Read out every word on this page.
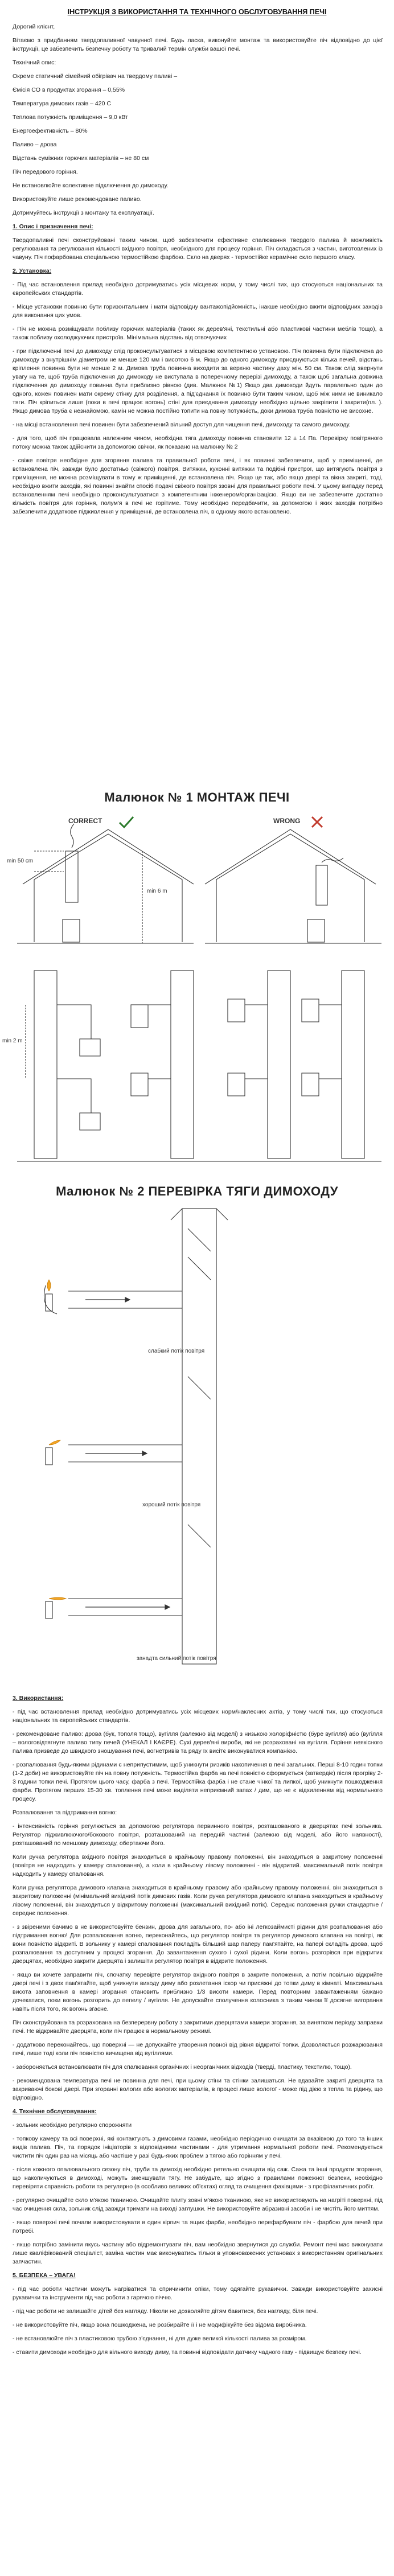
ІНСТРУКЦІЯ З ВИКОРИСТАННЯ ТА ТЕХНІЧНОГО ОБСЛУГОВУВАННЯ ПЕЧІ

Дорогий клієнт,

Вітаємо з придбанням твердопаливної чавунної печі. Будь ласка, виконуйте монтаж та використовуйте піч відповідно до цієї інструкції, це забезпечить безпечну роботу та тривалий термін служби вашої печі.

Технічний опис:

Окреме статичний сімейний обігрівач на твердому паливі –

Ємісія CO в продуктах згорання – 0,55%

Температура димових газів – 420 С

Теплова потужність приміщення – 9,0 кВт

Енергоефективність – 80%

Паливо – дрова

Відстань суміжних горючих матеріалів – не 80 см

Піч передового горіння.

Не встановлюйте колективне підключення до димоходу.

Використовуйте лише рекомендоване паливо.

Дотримуйтесь інструкції з монтажу та експлуатації.

1. Опис і призначення печі:

Твердопаливні печі сконструйовані таким чином, щоб забезпечити ефективне спалювання твердого палива й можливість регулювання та регулювання кількості вхідного повітря, необхідного для процесу горіння. Піч складається з частин, виготовлених із чавуну. Піч пофарбована спеціальною термостійкою фарбою. Скло на дверях - термостійке керамічне скло першого класу.

2. Установка:

- Під час встановлення прилад необхідно дотримуватись усіх місцевих норм, у тому числі тих, що стосуються національних та європейських стандартів.

- Місце установки повинно бути горизонтальним і мати відповідну вантажопідйомність, інакше необхідно вжити відповідних заходів для виконання цих умов.

- Піч не можна розміщувати поблизу горючих матеріалів (таких як дерев'яні, текстильні або пластикові частини меблів тощо), а також поблизу охолоджуючих пристроїв. Мінімальна відстань від отвочуючих

- при підключенні печі до димоходу слід проконсультуватися з місцевою компетентною установою. Піч повинна бути підключена до димоходу з внутрішнім діаметром не менше 120 мм і висотою 6 м. Якщо до одного димоходу приєднуються кілька печей, відстань кріплення повинна бути не менше 2 м. Димова труба повинна виходити за верхню частину даху мін. 50 см. Також слід звернути увагу на те, щоб труба підключення до димоходу не виступала в поперечному перерізі димоходу, а також щоб загальна довжина підключення до димоходу повинна бути приблизно рівною (див. Малюнок №1) Якщо два димоходи йдуть паралельно один до одного, кожен повинен мати окрему стінку для розділення, а під'єднання їх повинно бути таким чином, щоб між ними не виникало тяги. Піч кріпиться лише (поки в печі працює вогонь) стіні для приєднання димоходу необхідно щільно закріпити і закрити(пл. ). Якщо димова труба є незнайомою, камін не можна постійно топити на повну потужність, доки димова труба повністю не висохне.

- на місці встановлення печі повинен бути забезпечений вільний доступ для чищення печі, димоходу та самого димоходу.

- для того, щоб піч працювала належним чином, необхідна тяга димоходу повинна становити 12 ± 14 Па. Перевірку повітряного потоку можна також здійснити за допомогою свічки, як показано на малюнку № 2

- свіже повітря необхідне для згоряння палива та правильної роботи печі, і як повинні забезпечити, щоб у приміщенні, де встановлена піч, завжди було достатньо (свіжого) повітря. Витяжки, кухонні витяжки та подібні пристрої, що витягують повітря з приміщення, не можна розміщувати в тому ж приміщенні, де встановлена піч. Якщо це так, або якщо двері та вікна закриті, тоді, необхідно вжити заходів, які повинні знайти спосіб подачі свіжого повітря ззовні для правильної роботи печі. У цьому випадку перед встановленням печі необхідно проконсультуватися з компетентним інженером/організацією. Якщо ви не забезпечите достатню кількість повітря для горіння, полум'я в печі не горітиме. Тому необхідно передбачити, за допомогою і яких заходів потрібно забезпечити додаткове підживлення у приміщенні, де встановлена піч, в одному якого встановлено.

Малюнок № 1 МОНТАЖ ПЕЧІ
CORRECT	WRONG
min 50 cm
min 6 m
min 2 m
Малюнок № 2 ПЕРЕВІРКА ТЯГИ ДИМОХОДУ
слабкий потік повітря
хороший потік повітря
занадта сильний потік повітря

3. Використання:

- під час встановлення прилад необхідно дотримуватись усіх місцевих норм/наклеєних актів, у тому числі тих, що стосуються національних та європейських стандартів.

- рекомендоване паливо: дрова (бук, тополя тощо), вугілля (залежно від моделі) з низькою холоріфністю (буре вугілля) або (вугілля – вологовідтягнуте паливо типу печей (УНЕКАЛ І КАЄРЕ). Сухі дерев'яні вироби, які не розраховані на вугілля. Горіння неякісного палива призведе до швидкого зношування печі, вогнетривів та ряду їх висітє виконуватися компанією.

- розпалювання будь-якими рідинами є неприпустимим, щоб уникнути ризиків накопичення в печі загальних. Перші 8-10 годин топки (1-2 доби) не використовуйте піч на повну потужність. Термостійка фарба на печі повністю сформується (затвердіє) після прогріву 2-3 години топки печі. Протягом цього часу, фарба з печі. Термостійка фарба і не стане чінкої та липкої, щоб уникнути пошкодження фарби. Протягом перших 15-30 хв. топлення печі може виділяти неприємний запах / дим, що не є відхиленням від нормального процесу.

Розпалювання та підтримання вогню:

- інтенсивність горіння регулюється за допомогою регулятора первинного повітря, розташованого в дверцятах печі зольника. Регулятор підживлюючого/бокового повітря, розташований на передній частині (залежно від моделі, або його наявності), розташований по меншому димоходу, обертаючи його.

Коли ручка регулятора вхідного повітря знаходиться в крайньому правому положенні, він знаходиться в закритому положенні (повітря не надходить у камеру спалювання), а коли в крайньому лівому положенні - він відкритий. максимальний потік повітря надходить у камеру спалювання.

Коли ручка регулятора димового клапана знаходиться в крайньому правому або крайньому правому положенні, він знаходиться в закритому положенні (мінімальний вихідний потік димових газів. Коли ручка регулятора димового клапана знаходиться в крайньому лівому положенні, він знаходиться у відкритому положенні (максимальний вихідний потік). Середнє положення ручки стандартне / середнє положення.

- з звіреними бачимо в не використовуйте бензин, дрова для загального, по- або іні легкозаймисті рідини для розпалювання або підтримання вогню! Для розпалювання вогню, переконайтесь, що регулятор повітря та регулятор димового клапана на повітрі, як вони повністю відкриті. В зольнику у камері спалювання покладіть більший шар паперу пам'ятайте, на папері складіть дрова, щоб розпалювання та доступним у процесі згорання. До завантаження сухого і сухої рідини. Коли вогонь розгорівся при відкритих дверцятах, необхідно закрити дверцята і залишіти регулятор повітря в відкрите положення.

- якщо ви хочете заправити піч, спочатку перевірте регулятор вхідного повітря в закрите положення, а потім повільно відкрийте двері печі і з двох пам'ятайте, щоб уникнути виходу диму або розлетання іскор чи присяжні до топки диму в кімнаті. Максимальна висота заповнення в камері згорання становить приблизно 1/3 висоти камери. Перед повторним завантаженням бажано дочекатися, поки вогонь розгорить до пепелу / вугілля. Не допускайте сполучення колосника з таким чином її досягне вигорання навіть після того, як вогонь згасне.

Піч сконструйована та розрахована на безперервну роботу з закритими дверцятами камери згорання, за винятком періоду заправки печі. Не відкривайте дверцята, коли піч працює в нормальному режимі.

- додатково переконайтесь, що поверхні — не допускайте утворення повної від рівня відкритої топки. Дозволяється розжарювання печі, лише тоді коли піч повністю вичищена від вугіллями.

- забороняється встановлювати піч для спалювання органічних і неорганічних відходів (тверді, пластику, текстилю, тощо).

- рекомендована температура печі не повинна для печі, при цьому стіни та стінки залишаться. Не вдавайте закриті дверцята та закриваючі бокові двері. При згоранні вологих або вологих матеріалів, в процесі лише вологої - може під дією з тепла та рідину, що відповідно.

4. Технічне обслуговування:

- зольник необхідно регулярно спорожняти

- топкову камеру та всі поверхні, які контактують з димовими газами, необхідно періодично очищати за вказівкою до того та інших видів палива. Піч, та порядок ініціаторів з відповідними частинами - для утримання нормальної роботи печі. Рекомендується чистити піч один раз на місяць або частіше у разі будь-яких проблем з тягою або горінням у печі.

- після кожного опалювального сезону піч, труби та димохід необхідно ретельно очищати від саж. Сажа та інші продукти згорання, що накопичуються в димоході, можуть зменшувати тягу. Не забудьте, що згідно з правилами пожежної безпеки, необхідно перевіряти справність роботи та регулярно (в особливо великих об'єктах) огляд та очищення фахівцями - з профілактичних робіт.

- регулярно очищайте скло м'якою тканиною. Очищайте плиту зовні м'якою тканиною, яке не використовують на нагріті поверхні, під час очищення скла, зольник слід завжди тримати на виході заглушки. Не використовуйте абразивні засоби і не чистіть його миттям.

- якщо поверхні печі почали використовувати в один кірпич та ящик фарби, необхідно перефарбувати піч - фарбою для печей при потребі.

- якщо потрібно замінити якусь частину або відремонтувати піч, вам необхідно звернутися до служби. Ремонт печі має виконувати лише кваліфікований спеціаліст, заміна частин має виконуватись тільки в уповноважених установах з використанням оригінальних запчастин.

5. БЕЗПЕКА – УВАГА!

- під час роботи частини можуть нагріватися та спричинити опіки, тому одягайте рукавички. Завжди використовуйте захисні рукавички та інструменти під час роботи з гарячою піччю.

- під час роботи не залишайте дітей без нагляду. Ніколи не дозволяйте дітям бавитися, без нагляду, біля печі.

- не використовуйте піч, якщо вона пошкоджена, не розбирайте її і не модифікуйте без відома виробника.

- не встановлюйте піч з пластиковою трубою з'єднання, ні для дуже великої кількості палива за розміром.

- ставити димоходи необхідно для вільного виходу диму, та повинні відповідати датчику чадного газу - підвищує безпеку печі.
